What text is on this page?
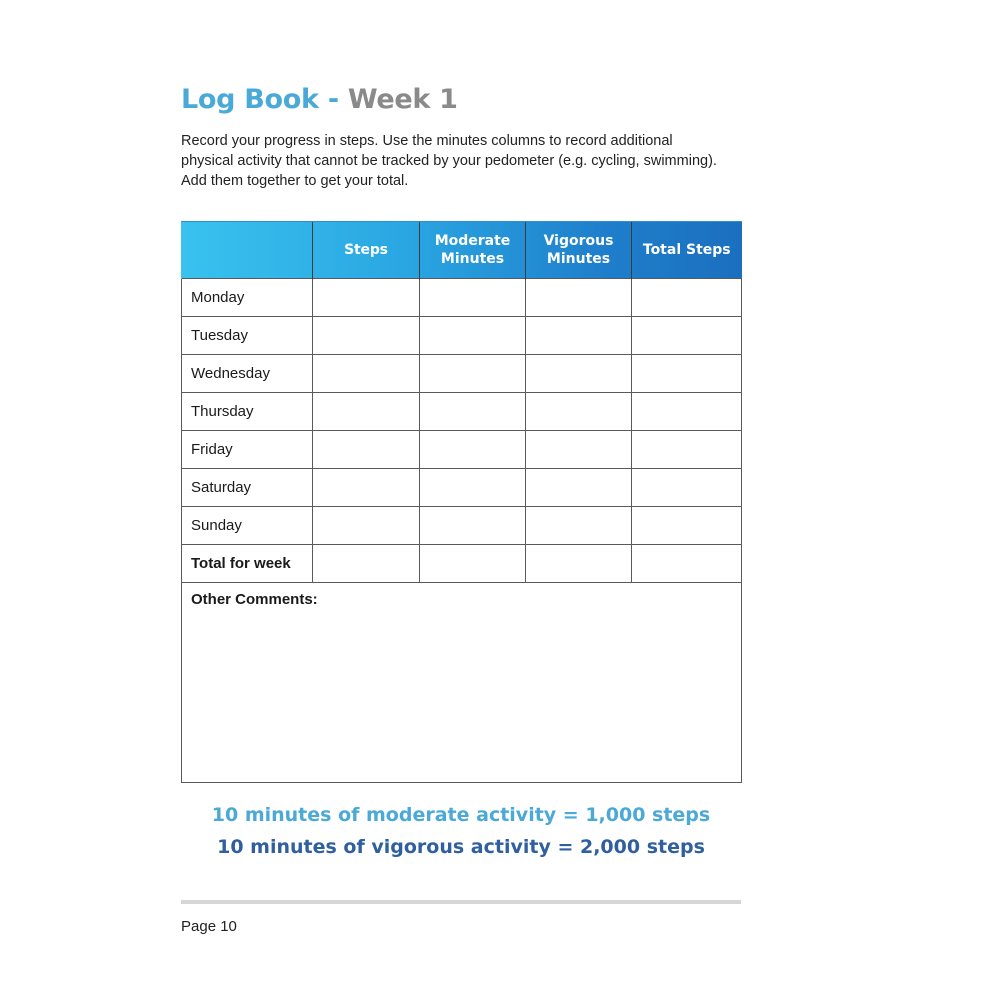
Log Book - Week 1

Record your progress in steps. Use the minutes columns to record additional physical activity that cannot be tracked by your pedometer (e.g. cycling, swimming). Add them together to get your total.

	Steps	Moderate Minutes	Vigorous Minutes	Total Steps
Monday				
Tuesday				
Wednesday				
Thursday				
Friday				
Saturday				
Sunday				
Total for week				
Other Comments:				

10 minutes of moderate activity = 1,000 steps

10 minutes of vigorous activity = 2,000 steps

Page 10
